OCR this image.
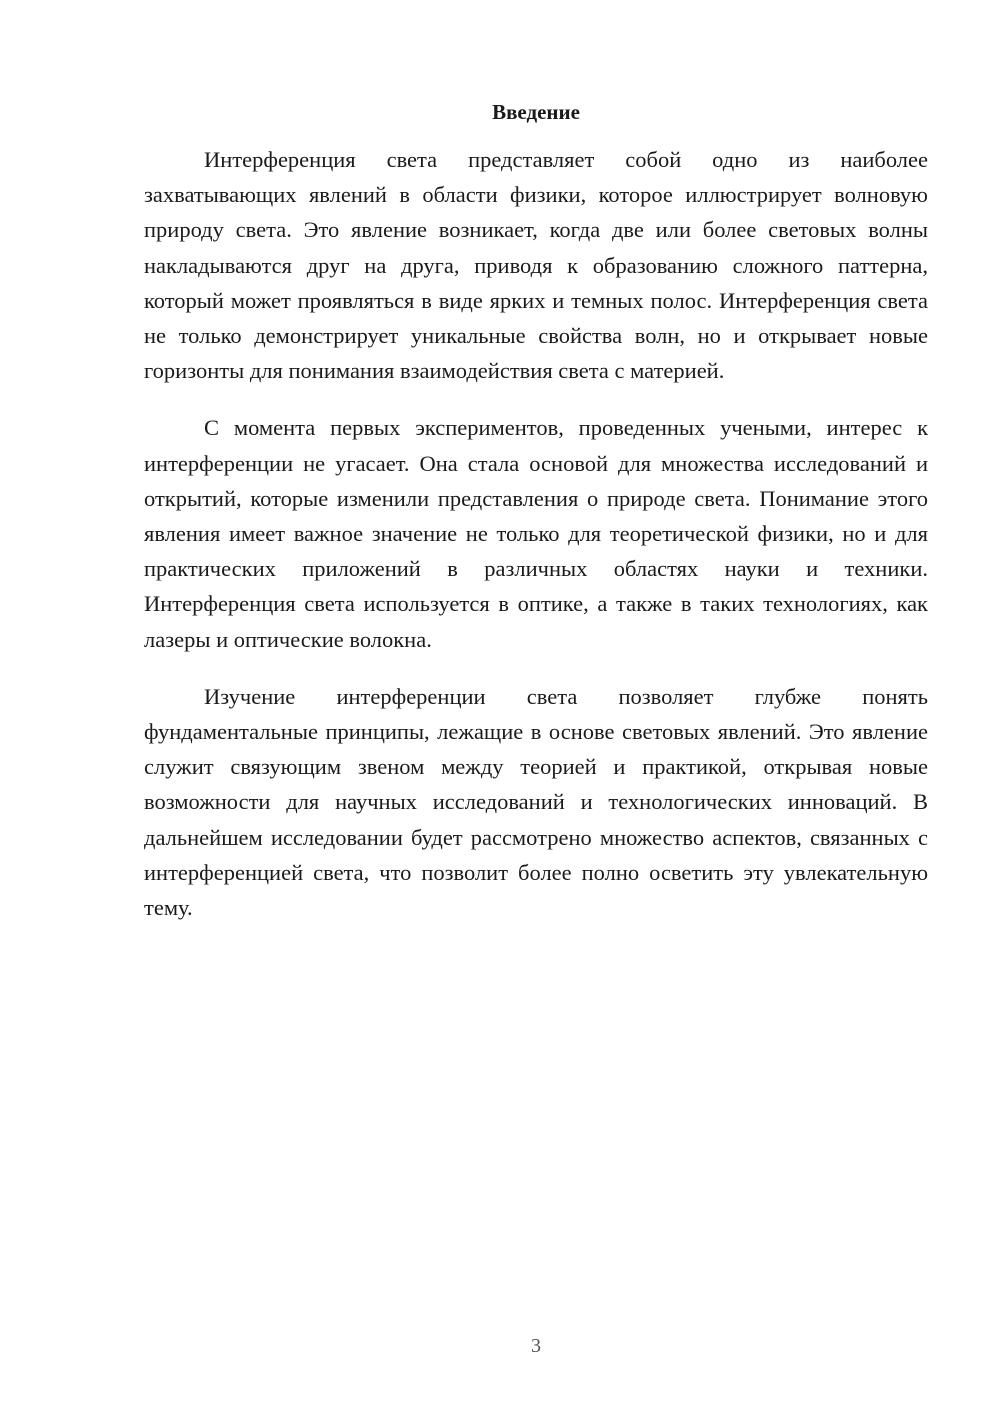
Введение

Интерференция света представляет собой одно из наиболее захватывающих явлений в области физики, которое иллюстрирует волновую природу света. Это явление возникает, когда две или более световых волны накладываются друг на друга, приводя к образованию сложного паттерна, который может проявляться в виде ярких и темных полос. Интерференция света не только демонстрирует уникальные свойства волн, но и открывает новые горизонты для понимания взаимодействия света с материей.

С момента первых экспериментов, проведенных учеными, интерес к интерференции не угасает. Она стала основой для множества исследований и открытий, которые изменили представления о природе света. Понимание этого явления имеет важное значение не только для теоретической физики, но и для практических приложений в различных областях науки и техники. Интерференция света используется в оптике, а также в таких технологиях, как лазеры и оптические волокна.

Изучение интерференции света позволяет глубже понять фундаментальные принципы, лежащие в основе световых явлений. Это явление служит связующим звеном между теорией и практикой, открывая новые возможности для научных исследований и технологических инноваций. В дальнейшем исследовании будет рассмотрено множество аспектов, связанных с интерференцией света, что позволит более полно осветить эту увлекательную тему.

3
